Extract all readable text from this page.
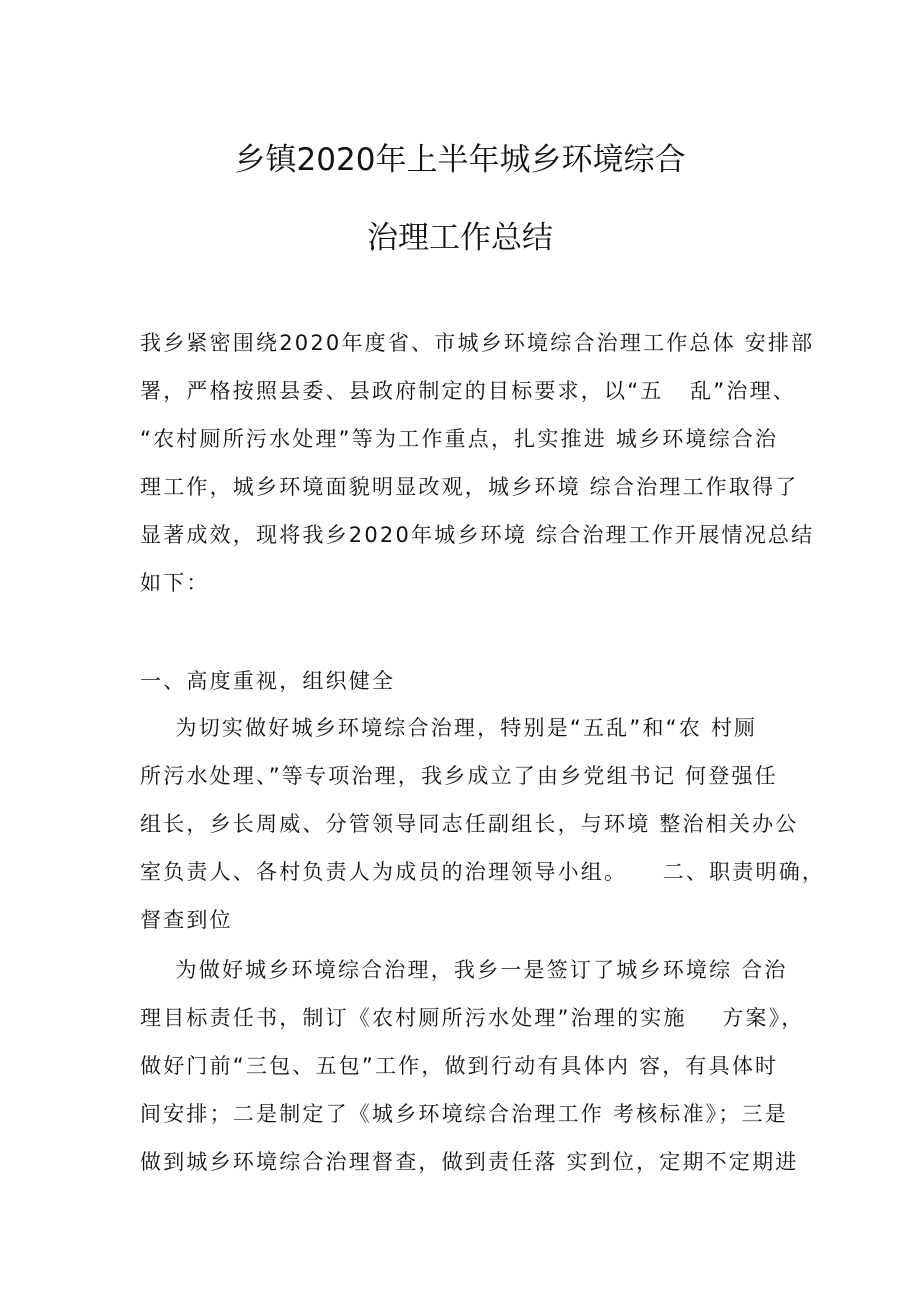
乡镇2020年上半年城乡环境综合
治理工作总结
我乡紧密围绕2020年度省、市城乡环境综合治理工作总体 安排部
署，严格按照县委、县政府制定的目标要求，以“五   乱”治理、
“农村厕所污水处理”等为工作重点，扎实推进 城乡环境综合治
理工作，城乡环境面貌明显改观，城乡环境 综合治理工作取得了
显著成效，现将我乡2020年城乡环境 综合治理工作开展情况总结
如下：
一、高度重视，组织健全
为切实做好城乡环境综合治理，特别是“五乱”和“农 村厕
所污水处理、”等专项治理，我乡成立了由乡党组书记 何登强任
组长，乡长周威、分管领导同志任副组长，与环境 整治相关办公
室负责人、各村负责人为成员的治理领导小组。    二、职责明确，
督查到位
为做好城乡环境综合治理，我乡一是签订了城乡环境综 合治
理目标责任书，制订《农村厕所污水处理”治理的实施    方案》，
做好门前“三包、五包”工作，做到行动有具体内 容，有具体时
间安排；二是制定了《城乡环境综合治理工作 考核标准》；三是
做到城乡环境综合治理督查，做到责任落 实到位，定期不定期进
